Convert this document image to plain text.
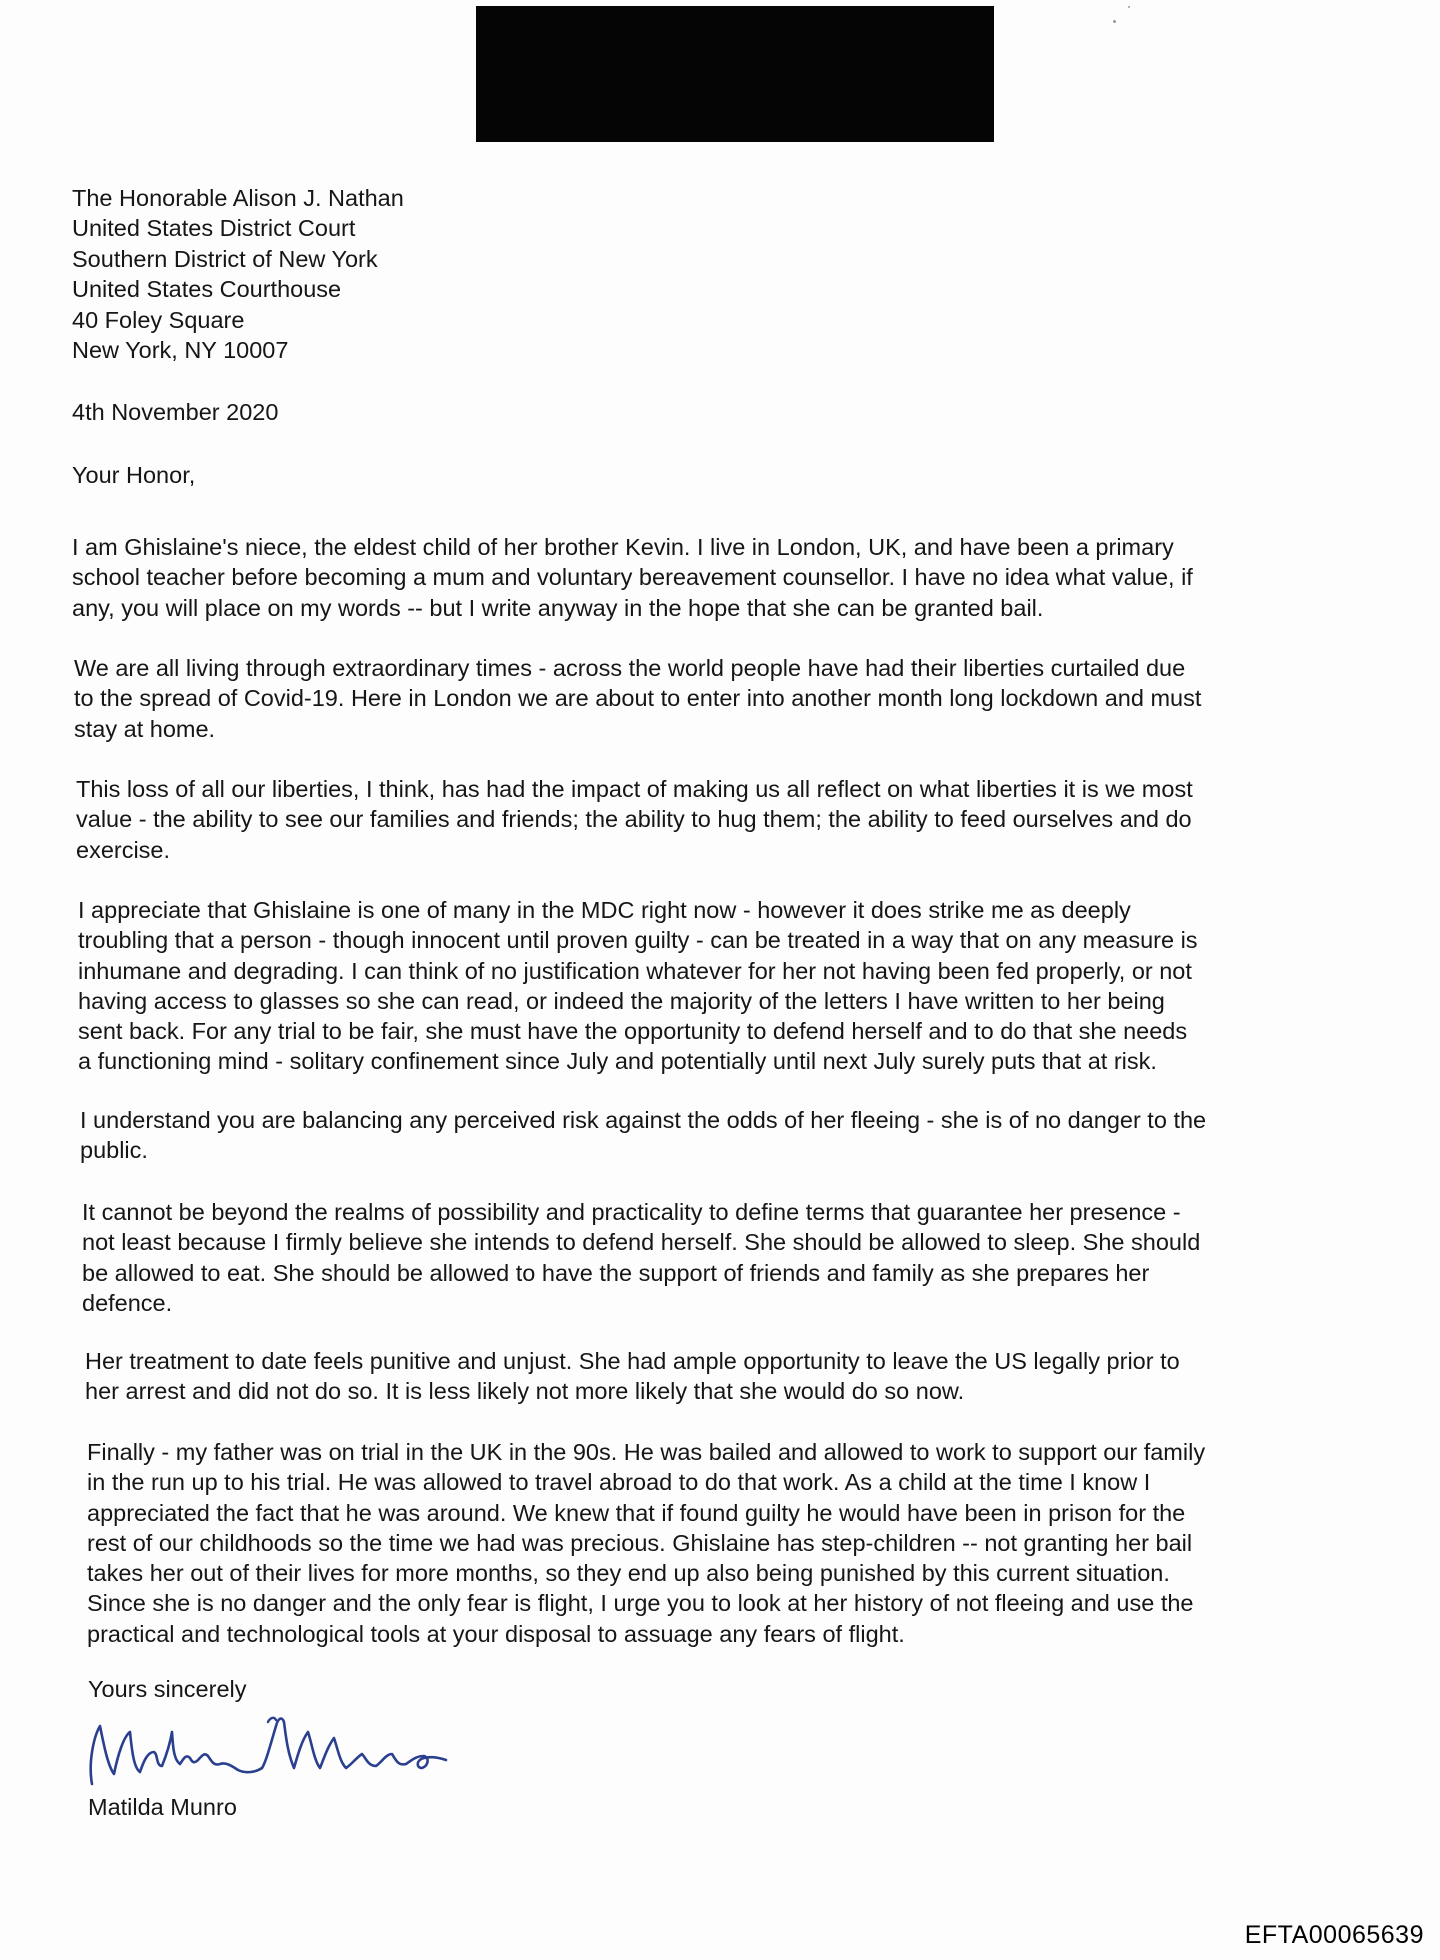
The Honorable Alison J. Nathan
United States District Court
Southern District of New York
United States Courthouse
40 Foley Square
New York, NY 10007
4th November 2020
Your Honor,
I am Ghislaine's niece, the eldest child of her brother Kevin. I live in London, UK, and have been a primary
school teacher before becoming a mum and voluntary bereavement counsellor. I have no idea what value, if
any, you will place on my words -- but I write anyway in the hope that she can be granted bail.
We are all living through extraordinary times - across the world people have had their liberties curtailed due
to the spread of Covid-19. Here in London we are about to enter into another month long lockdown and must
stay at home.
This loss of all our liberties, I think, has had the impact of making us all reflect on what liberties it is we most
value - the ability to see our families and friends; the ability to hug them; the ability to feed ourselves and do
exercise.
I appreciate that Ghislaine is one of many in the MDC right now - however it does strike me as deeply
troubling that a person - though innocent until proven guilty - can be treated in a way that on any measure is
inhumane and degrading. I can think of no justification whatever for her not having been fed properly, or not
having access to glasses so she can read, or indeed the majority of the letters I have written to her being
sent back. For any trial to be fair, she must have the opportunity to defend herself and to do that she needs
a functioning mind - solitary confinement since July and potentially until next July surely puts that at risk.
I understand you are balancing any perceived risk against the odds of her fleeing - she is of no danger to the
public.
It cannot be beyond the realms of possibility and practicality to define terms that guarantee her presence -
not least because I firmly believe she intends to defend herself. She should be allowed to sleep. She should
be allowed to eat. She should be allowed to have the support of friends and family as she prepares her
defence.
Her treatment to date feels punitive and unjust. She had ample opportunity to leave the US legally prior to
her arrest and did not do so. It is less likely not more likely that she would do so now.
Finally - my father was on trial in the UK in the 90s. He was bailed and allowed to work to support our family
in the run up to his trial. He was allowed to travel abroad to do that work. As a child at the time I know I
appreciated the fact that he was around. We knew that if found guilty he would have been in prison for the
rest of our childhoods so the time we had was precious. Ghislaine has step-children -- not granting her bail
takes her out of their lives for more months, so they end up also being punished by this current situation.
Since she is no danger and the only fear is flight, I urge you to look at her history of not fleeing and use the
practical and technological tools at your disposal to assuage any fears of flight.
Yours sincerely
Matilda Munro
EFTA00065639
